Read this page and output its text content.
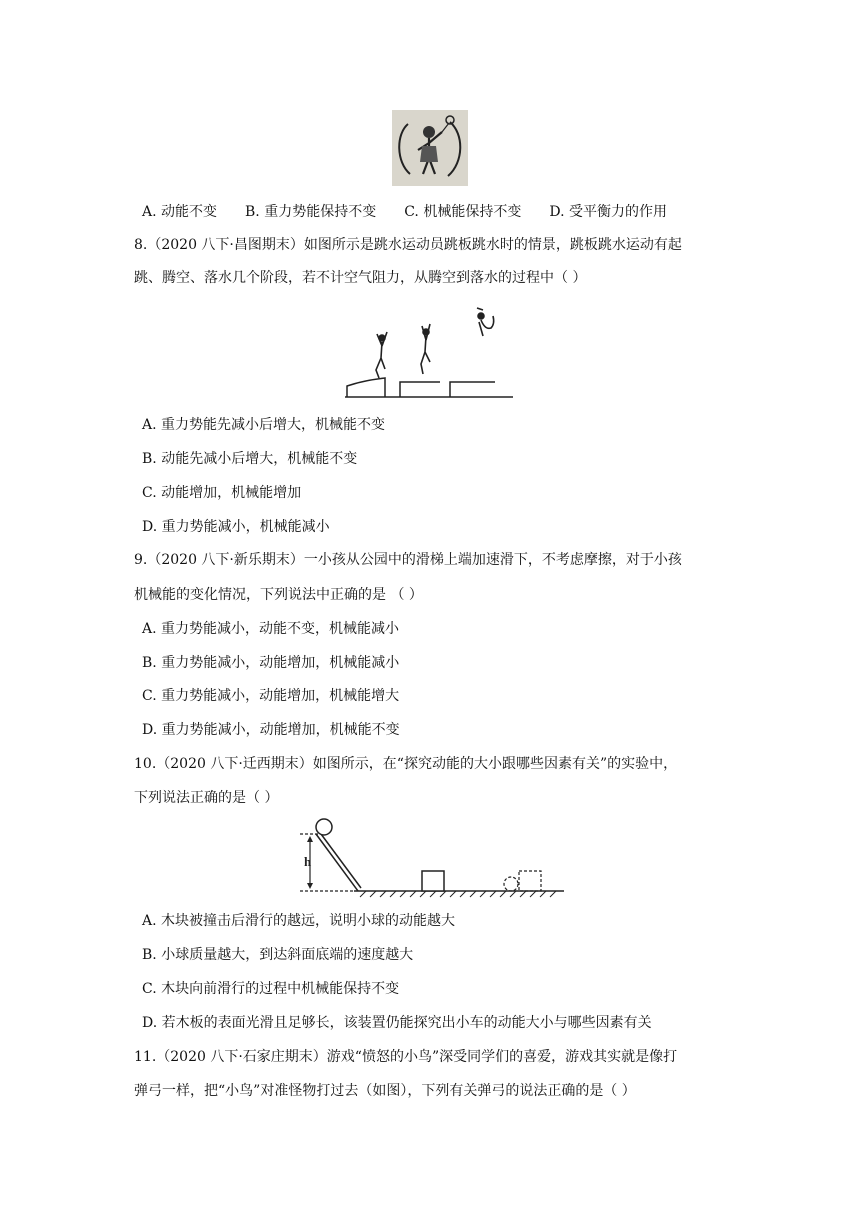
A. 动能不变 B. 重力势能保持不变 C. 机械能保持不变 D. 受平衡力的作用
8.（2020 八下·昌图期末）如图所示是跳水运动员跳板跳水时的情景，跳板跳水运动有起
跳、腾空、落水几个阶段，若不计空气阻力，从腾空到落水的过程中（ ）
A. 重力势能先减小后增大，机械能不变
B. 动能先减小后增大，机械能不变
C. 动能增加，机械能增加
D. 重力势能减小，机械能减小
9.（2020 八下·新乐期末）一小孩从公园中的滑梯上端加速滑下，不考虑摩擦，对于小孩
机械能的变化情况，下列说法中正确的是 （ ）
A. 重力势能减小，动能不变，机械能减小
B. 重力势能减小，动能增加，机械能减小
C. 重力势能减小，动能增加，机械能增大
D. 重力势能减小，动能增加，机械能不变
10.（2020 八下·迁西期末）如图所示，在“探究动能的大小跟哪些因素有关”的实验中，
下列说法正确的是（ ）
h
A. 木块被撞击后滑行的越远，说明小球的动能越大
B. 小球质量越大，到达斜面底端的速度越大
C. 木块向前滑行的过程中机械能保持不变
D. 若木板的表面光滑且足够长，该装置仍能探究出小车的动能大小与哪些因素有关
11.（2020 八下·石家庄期末）游戏“愤怒的小鸟”深受同学们的喜爱，游戏其实就是像打
弹弓一样，把“小鸟”对准怪物打过去（如图），下列有关弹弓的说法正确的是（ ）
